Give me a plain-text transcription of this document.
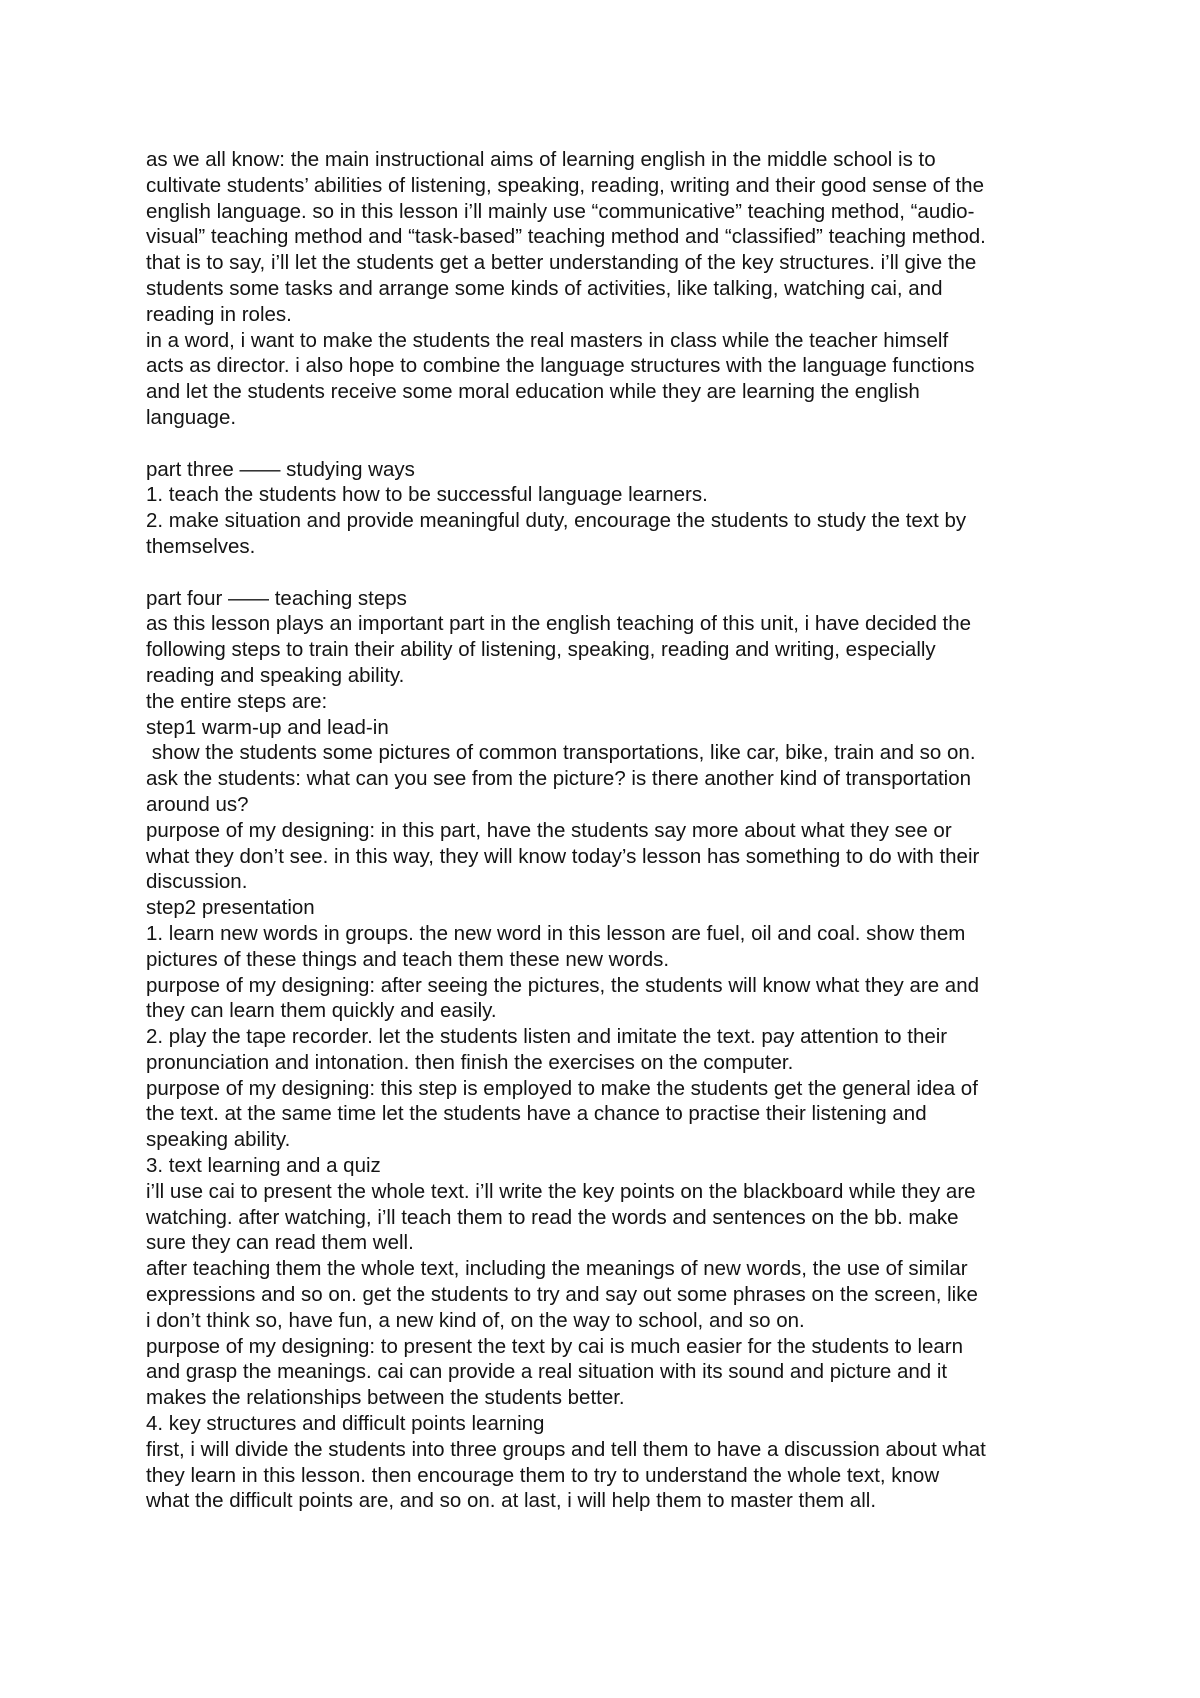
as we all know: the main instructional aims of learning english in the middle school is to
cultivate students’ abilities of listening, speaking, reading, writing and their good sense of the
english language. so in this lesson i’ll mainly use “communicative” teaching method, “audio-
visual” teaching method and “task-based” teaching method and “classified” teaching method.
that is to say, i’ll let the students get a better understanding of the key structures. i’ll give the
students some tasks and arrange some kinds of activities, like talking, watching cai, and
reading in roles.
in a word, i want to make the students the real masters in class while the teacher himself
acts as director. i also hope to combine the language structures with the language functions
and let the students receive some moral education while they are learning the english
language.
part three —— studying ways
1. teach the students how to be successful language learners.
2. make situation and provide meaningful duty, encourage the students to study the text by
themselves.
part four —— teaching steps
as this lesson plays an important part in the english teaching of this unit, i have decided the
following steps to train their ability of listening, speaking, reading and writing, especially
reading and speaking ability.
the entire steps are:
step1 warm-up and lead-in
show the students some pictures of common transportations, like car, bike, train and so on.
ask the students: what can you see from the picture? is there another kind of transportation
around us?
purpose of my designing: in this part, have the students say more about what they see or
what they don’t see. in this way, they will know today’s lesson has something to do with their
discussion.
step2 presentation
1. learn new words in groups. the new word in this lesson are fuel, oil and coal. show them
pictures of these things and teach them these new words.
purpose of my designing: after seeing the pictures, the students will know what they are and
they can learn them quickly and easily.
2. play the tape recorder. let the students listen and imitate the text. pay attention to their
pronunciation and intonation. then finish the exercises on the computer.
purpose of my designing: this step is employed to make the students get the general idea of
the text. at the same time let the students have a chance to practise their listening and
speaking ability.
3. text learning and a quiz
i’ll use cai to present the whole text. i’ll write the key points on the blackboard while they are
watching. after watching, i’ll teach them to read the words and sentences on the bb. make
sure they can read them well.
after teaching them the whole text, including the meanings of new words, the use of similar
expressions and so on. get the students to try and say out some phrases on the screen, like
i don’t think so, have fun, a new kind of, on the way to school, and so on.
purpose of my designing: to present the text by cai is much easier for the students to learn
and grasp the meanings. cai can provide a real situation with its sound and picture and it
makes the relationships between the students better.
4. key structures and difficult points learning
first, i will divide the students into three groups and tell them to have a discussion about what
they learn in this lesson. then encourage them to try to understand the whole text, know
what the difficult points are, and so on. at last, i will help them to master them all.
